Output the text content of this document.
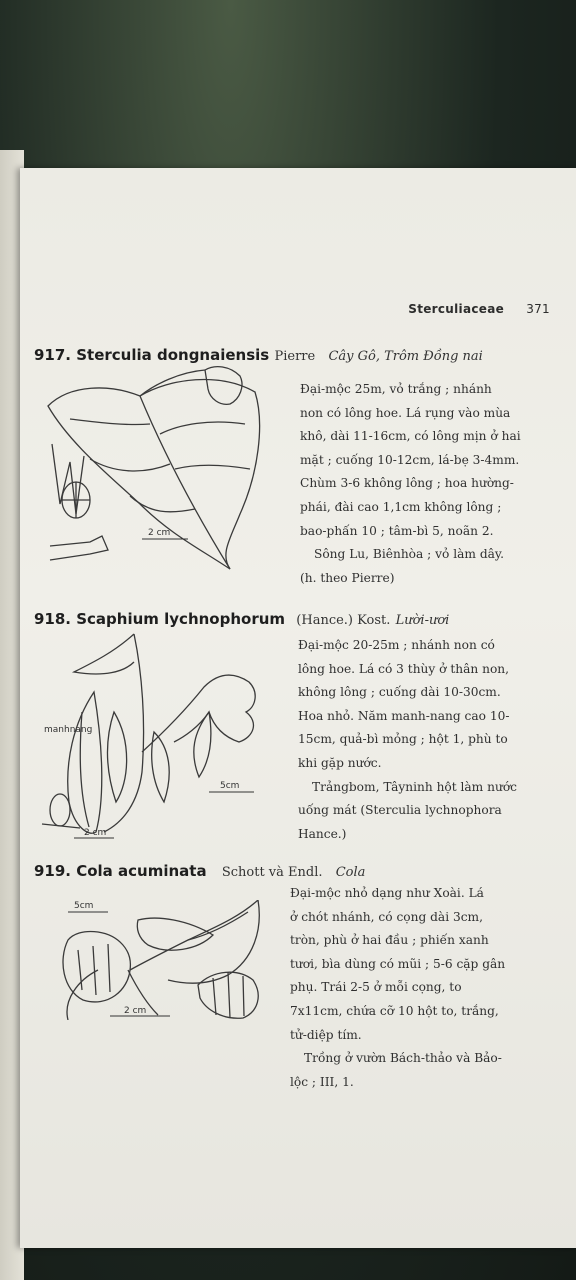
Sterculiaceae 371
917. Sterculia dongnaiensis Pierre Cây Gô, Trôm Đồng nai
2 cm

Đại-mộc 25m, vỏ trắng ; nhánh

non có lông hoe. Lá rụng vào mùa

khô, dài 11-16cm, có lông mịn ở hai

mặt ; cuống 10-12cm, lá-bẹ 3-4mm.

Chùm 3-6 không lông ; hoa hường-

phái, đài cao 1,1cm không lông ;

bao-phấn 10 ; tâm-bì 5, noãn 2.

Sông Lu, Biênhòa ; vỏ làm dây.

(h. theo Pierre)

918. Scaphium lychnophorum (Hance.) Kost. Lười-ươi
5cm
2 cm
manhnang

Đại-mộc 20-25m ; nhánh non có

lông hoe. Lá có 3 thùy ở thân non,

không lông ; cuống dài 10-30cm.

Hoa nhỏ. Năm manh-nang cao 10-

15cm, quả-bì mỏng ; hột 1, phù to

khi gặp nước.

Trảngbom, Tâyninh hột làm nước

uống mát (Sterculia lychnophora

Hance.)

919. Cola acuminata Schott và Endl. Cola
5cm
2 cm

Đại-mộc nhỏ dạng như Xoài. Lá

ở chót nhánh, có cọng dài 3cm,

tròn, phù ở hai đầu ; phiến xanh

tươi, bìa dùng có mũi ; 5-6 cặp gân

phụ. Trái 2-5 ở mỗi cọng, to

7x11cm, chứa cỡ 10 hột to, trắng,

tử-diệp tím.

Trồng ở vườn Bách-thảo và Bảo-

lộc ; III, 1.
